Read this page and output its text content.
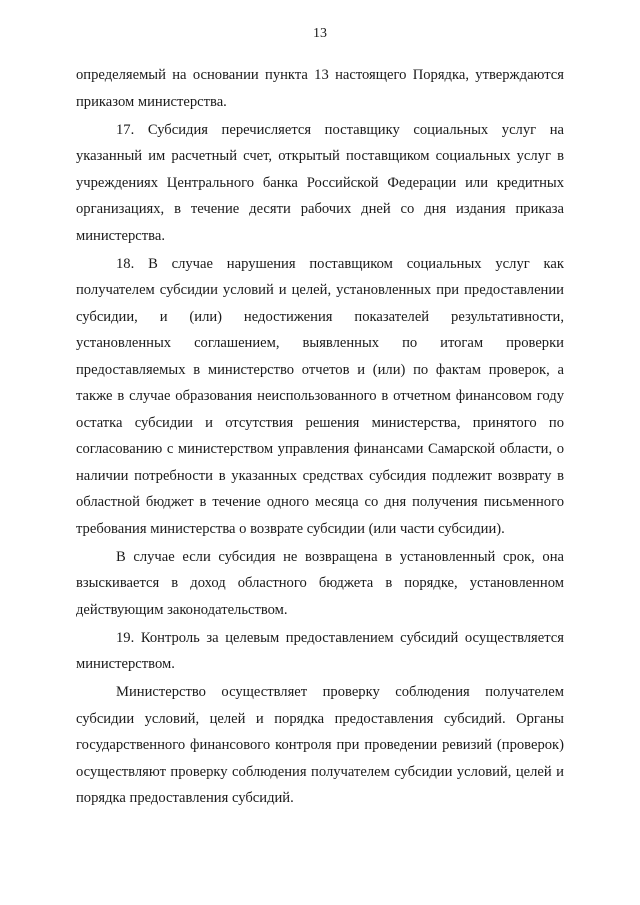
13

определяемый на основании пункта 13 настоящего Порядка, утверждаются приказом министерства.

17. Субсидия перечисляется поставщику социальных услуг на указанный им расчетный счет, открытый поставщиком социальных услуг в учреждениях Центрального банка Российской Федерации или кредитных организациях, в течение десяти рабочих дней со дня издания приказа министерства.

18. В случае нарушения поставщиком социальных услуг как получателем субсидии условий и целей, установленных при предоставлении субсидии, и (или) недостижения показателей результативности, установленных соглашением, выявленных по итогам проверки предоставляемых в министерство отчетов и (или) по фактам проверок, а также в случае образования неиспользованного в отчетном финансовом году остатка субсидии и отсутствия решения министерства, принятого по согласованию с министерством управления финансами Самарской области, о наличии потребности в указанных средствах субсидия подлежит возврату в областной бюджет в течение одного месяца со дня получения письменного требования министерства о возврате субсидии (или части субсидии).

В случае если субсидия не возвращена в установленный срок, она взыскивается в доход областного бюджета в порядке, установленном действующим законодательством.

19. Контроль за целевым предоставлением субсидий осуществляется министерством.

Министерство осуществляет проверку соблюдения получателем субсидии условий, целей и порядка предоставления субсидий. Органы государственного финансового контроля при проведении ревизий (проверок) осуществляют проверку соблюдения получателем субсидии условий, целей и порядка предоставления субсидий.
